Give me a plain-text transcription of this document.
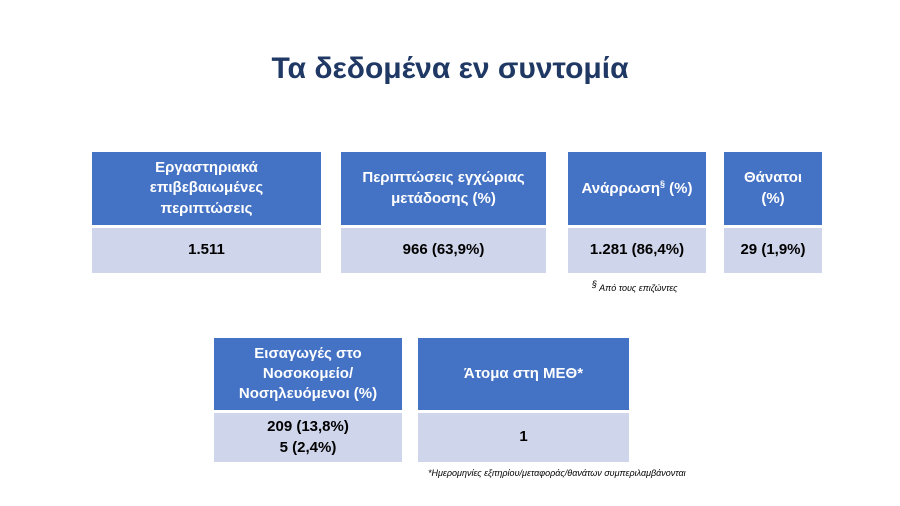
Τα δεδομένα εν συντομία
Εργαστηριακά
επιβεβαιωμένες
περιπτώσεις
1.511
Περιπτώσεις εγχώριας
μετάδοσης (%)
966 (63,9%)
Ανάρρωση§ (%)
1.281 (86,4%)
Θάνατοι
(%)
29 (1,9%)
§ Από τους επιζώντες
Εισαγωγές στο
Νοσοκομείο/
Νοσηλευόμενοι (%)
209 (13,8%)
5 (2,4%)
Άτομα στη ΜΕΘ*
1
*Ημερομηνίες εξιτηρίου/μεταφοράς/θανάτων συμπεριλαμβάνονται
